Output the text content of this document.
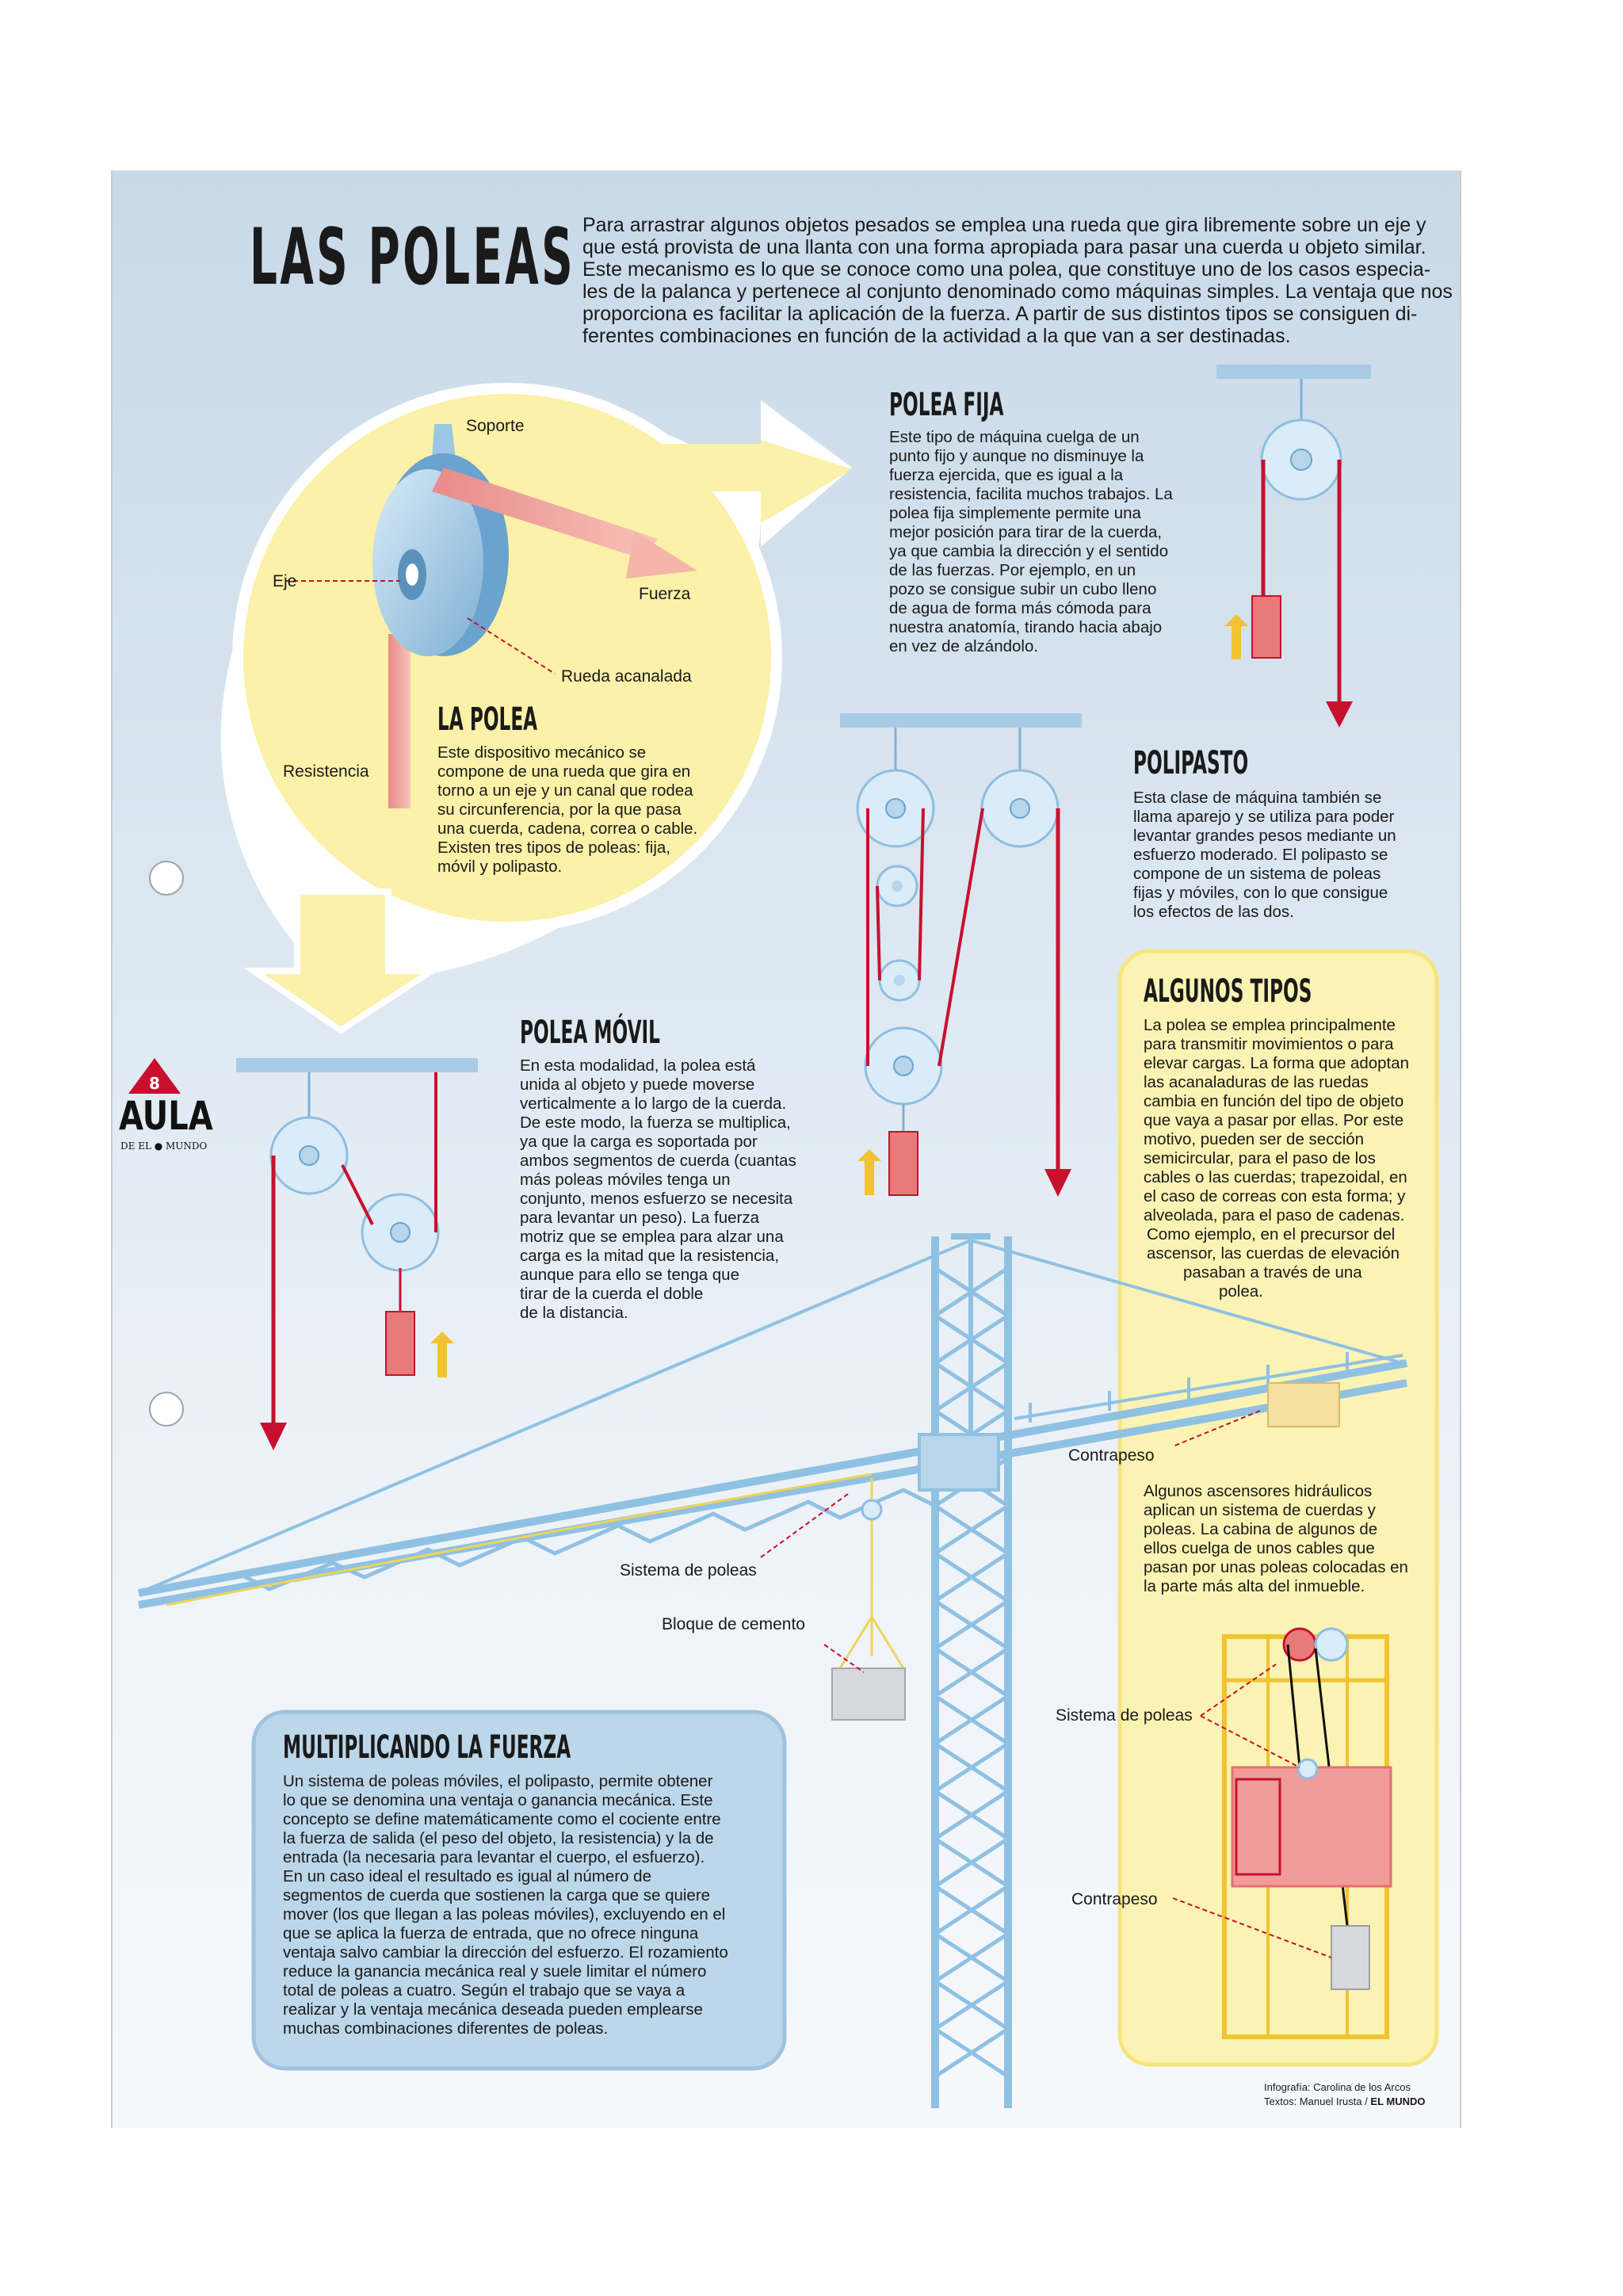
LAS POLEAS Para arrastrar algunos objetos pesados se emplea una rueda que gira libremente sobre un eje y
que está provista de una llanta con una forma apropiada para pasar una cuerda u objeto similar.
Este mecanismo es lo que se conoce como una polea, que constituye uno de los casos especia-
les de la palanca y pertenece al conjunto denominado como máquinas simples. La ventaja que nos
proporciona es facilitar la aplicación de la fuerza. A partir de sus distintos tipos se consiguen di-
ferentes combinaciones en función de la actividad a la que van a ser destinadas.
Soporte
Eje
Fuerza
Rueda acanalada
Resistencia
LA POLEA
Este dispositivo mecánico se
compone de una rueda que gira en
torno a un eje y un canal que rodea
su circunferencia, por la que pasa
una cuerda, cadena, correa o cable.
Existen tres tipos de poleas: fija,
móvil y polipasto.
POLEA FIJA
Este tipo de máquina cuelga de un
punto fijo y aunque no disminuye la
fuerza ejercida, que es igual a la
resistencia, facilita muchos trabajos. La
polea fija simplemente permite una
mejor posición para tirar de la cuerda,
ya que cambia la dirección y el sentido
de las fuerzas. Por ejemplo, en un
pozo se consigue subir un cubo lleno
de agua de forma más cómoda para
nuestra anatomía, tirando hacia abajo
en vez de alzándolo.
POLIPASTO
Esta clase de máquina también se
llama aparejo y se utiliza para poder
levantar grandes pesos mediante un
esfuerzo moderado. El polipasto se
compone de un sistema de poleas
fijas y móviles, con lo que consigue
los efectos de las dos.
POLEA MÓVIL
En esta modalidad, la polea está
unida al objeto y puede moverse
verticalmente a lo largo de la cuerda.
De este modo, la fuerza se multiplica,
ya que la carga es soportada por
ambos segmentos de cuerda (cuantas
más poleas móviles tenga un
conjunto, menos esfuerzo se necesita
para levantar un peso). La fuerza
motriz que se emplea para alzar una
carga es la mitad que la resistencia,
aunque para ello se tenga que
tirar de la cuerda el doble
de la distancia.
ALGUNOS TIPOS
La polea se emplea principalmente
para transmitir movimientos o para
elevar cargas. La forma que adoptan
las acanaladuras de las ruedas
cambia en función del tipo de objeto
que vaya a pasar por ellas. Por este
motivo, pueden ser de sección
semicircular, para el paso de los
cables o las cuerdas; trapezoidal, en
el caso de correas con esta forma; y
alveolada, para el paso de cadenas.
Como ejemplo, en el precursor del
ascensor, las cuerdas de elevación
pasaban a través de una
polea.
Algunos ascensores hidráulicos
aplican un sistema de cuerdas y
poleas. La cabina de algunos de
ellos cuelga de unos cables que
pasan por unas poleas colocadas en
la parte más alta del inmueble.
Contrapeso
Sistema de poleas
Bloque de cemento
Sistema de poleas
Contrapeso
MULTIPLICANDO LA FUERZA
Un sistema de poleas móviles, el polipasto, permite obtener
lo que se denomina una ventaja o ganancia mecánica. Este
concepto se define matemáticamente como el cociente entre
la fuerza de salida (el peso del objeto, la resistencia) y la de
entrada (la necesaria para levantar el cuerpo, el esfuerzo).
En un caso ideal el resultado es igual al número de
segmentos de cuerda que sostienen la carga que se quiere
mover (los que llegan a las poleas móviles), excluyendo en el
que se aplica la fuerza de entrada, que no ofrece ninguna
ventaja salvo cambiar la dirección del esfuerzo. El rozamiento
reduce la ganancia mecánica real y suele limitar el número
total de poleas a cuatro. Según el trabajo que se vaya a
realizar y la ventaja mecánica deseada pueden emplearse
muchas combinaciones diferentes de poleas.
Infografía: Carolina de los Arcos
Textos: Manuel Irusta / EL MUNDO
8
AULA
DE EL ● MUNDO
